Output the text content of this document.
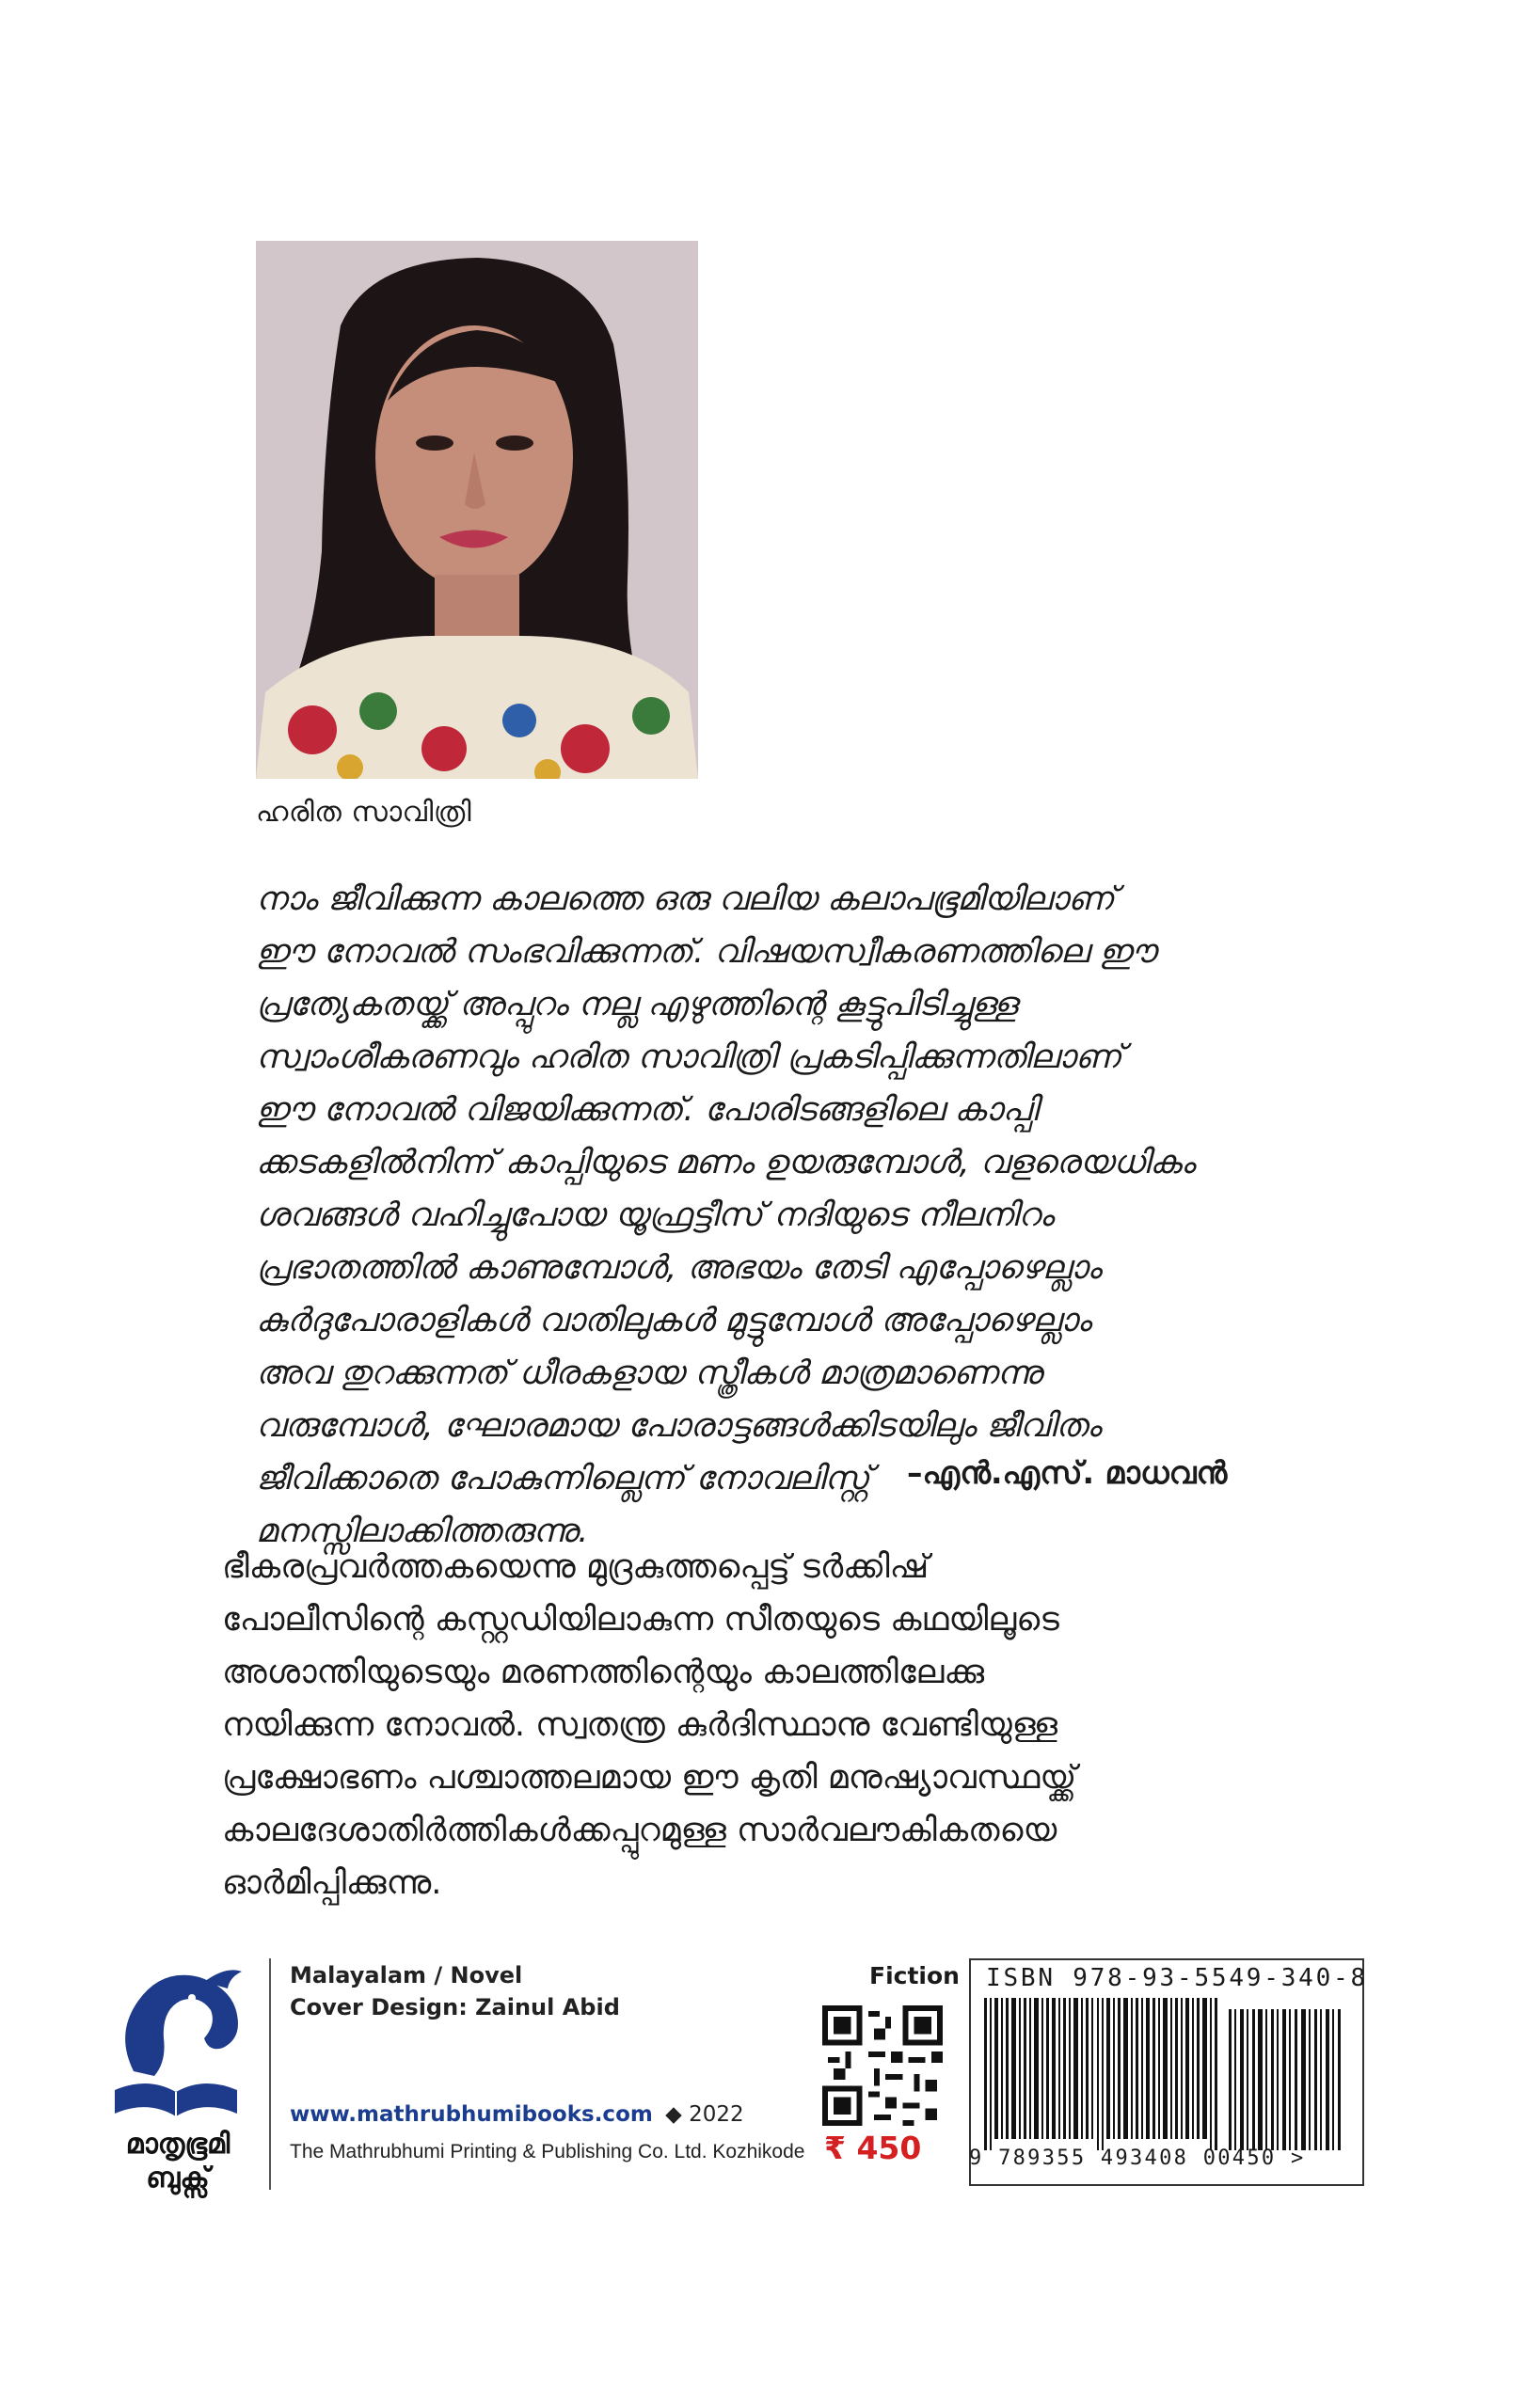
ഹരിത സാവിത്രി
നാം ജീവിക്കുന്ന കാലത്തെ ഒരു വലിയ കലാപഭൂമിയിലാണ്
ഈ നോവൽ സംഭവിക്കുന്നത്. വിഷയസ്വീകരണത്തിലെ ഈ
പ്രത്യേകതയ്ക്ക് അപ്പുറം നല്ല എഴുത്തിന്റെ കൂട്ടുപിടിച്ചുള്ള
സ്വാംശീകരണവും ഹരിത സാവിത്രി പ്രകടിപ്പിക്കുന്നതിലാണ്
ഈ നോവൽ വിജയിക്കുന്നത്. പോരിടങ്ങളിലെ കാപ്പി
ക്കടകളിൽനിന്ന് കാപ്പിയുടെ മണം ഉയരുമ്പോൾ, വളരെയധികം
ശവങ്ങൾ വഹിച്ചുപോയ യൂഫ്രട്ടീസ് നദിയുടെ നീലനിറം
പ്രഭാതത്തിൽ കാണുമ്പോൾ, അഭയം തേടി എപ്പോഴെല്ലാം
കുർദുപോരാളികൾ വാതിലുകൾ മുട്ടുമ്പോൾ അപ്പോഴെല്ലാം
അവ തുറക്കുന്നത് ധീരകളായ സ്ത്രീകൾ മാത്രമാണെന്നു
വരുമ്പോൾ, ഘോരമായ പോരാട്ടങ്ങൾക്കിടയിലും ജീവിതം
ജീവിക്കാതെ പോകുന്നില്ലെന്ന് നോവലിസ്റ്റ്
മനസ്സിലാക്കിത്തരുന്നു.
–എൻ.എസ്. മാധവൻ
ഭീകരപ്രവർത്തകയെന്നു മുദ്രകുത്തപ്പെട്ട് ടർക്കിഷ്
പോലീസിന്റെ കസ്റ്റഡിയിലാകുന്ന സീതയുടെ കഥയിലൂടെ
അശാന്തിയുടെയും മരണത്തിന്റെയും കാലത്തിലേക്കു
നയിക്കുന്ന നോവൽ. സ്വതന്ത്ര കുർദിസ്ഥാനു വേണ്ടിയുള്ള
പ്രക്ഷോഭണം പശ്ചാത്തലമായ ഈ കൃതി മനുഷ്യാവസ്ഥയ്ക്ക്
കാലദേശാതിർത്തികൾക്കപ്പുറമുള്ള സാർവലൗകികതയെ
ഓർമിപ്പിക്കുന്നു.
മാതൃഭൂമി
ബുക്സ്
Malayalam / Novel
Cover Design: Zainul Abid
www.mathrubhumibooks.com ◆ 2022
The Mathrubhumi Printing & Publishing Co. Ltd. Kozhikode
Fiction
₹ 450
ISBN 978-93-5549-340-8
9 789355 493408 00450 >
